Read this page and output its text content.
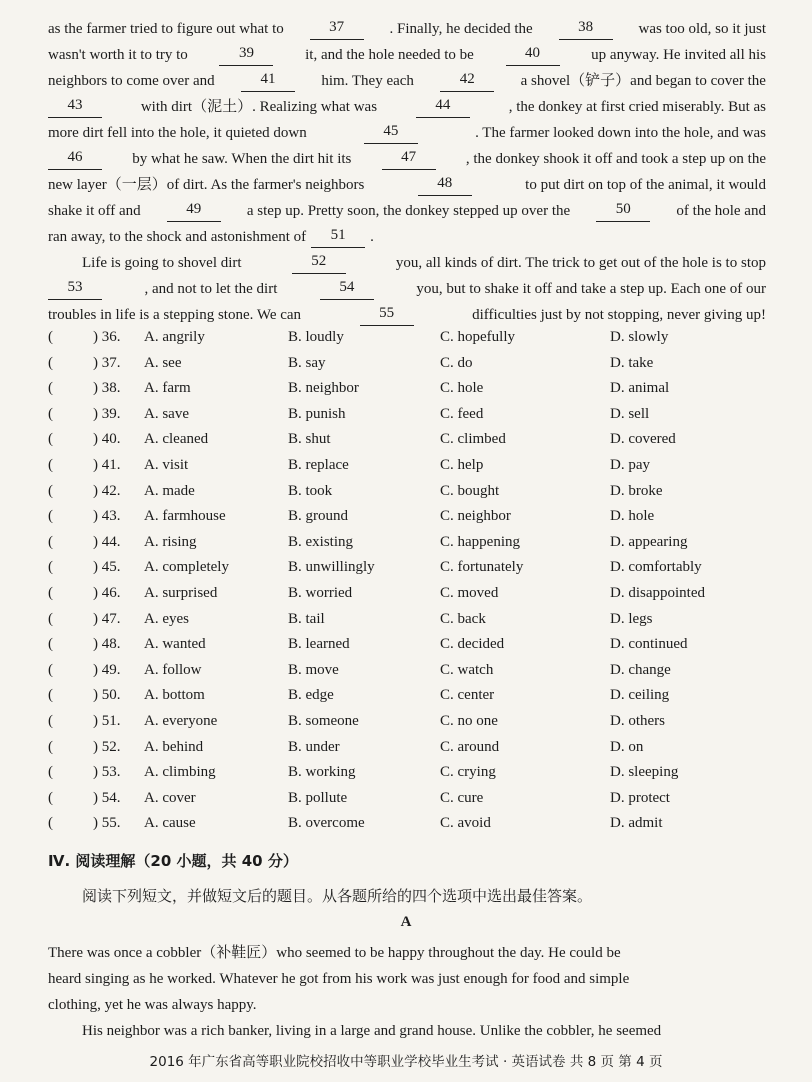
as the farmer tried to figure out what to	37	. Finally, he decided the	38	was too old, so it just
wasn't worth it to try to	39	it, and the hole needed to be	40	up anyway. He invited all his
neighbors to come over and	41	him. They each	42	a shovel（铲子）and began to cover the
43	with dirt（泥土）. Realizing what was	44	, the donkey at first cried miserably. But as
more dirt fell into the hole, it quieted down	45	. The farmer looked down into the hole, and was
46	by what he saw. When the dirt hit its	47	, the donkey shook it off and took a step up on the
new layer（一层）of dirt. As the farmer's neighbors	48	to put dirt on top of the animal, it would
shake it off and	49	a step up. Pretty soon, the donkey stepped up over the	50	of the hole and
ran away, to the shock and astonishment of	51	.
Life is going to shovel dirt	52	you, all kinds of dirt. The trick to get out of the hole is to stop
53	, and not to let the dirt	54	you, but to shake it off and take a step up. Each one of our
troubles in life is a stepping stone. We can	55	difficulties just by not stopping, never giving up!
(	) 36. A. angrily	B. loudly	C. hopefully	D. slowly
(	) 37. A. see	B. say	C. do	D. take
(	) 38. A. farm	B. neighbor	C. hole	D. animal
(	) 39. A. save	B. punish	C. feed	D. sell
(	) 40. A. cleaned	B. shut	C. climbed	D. covered
(	) 41. A. visit	B. replace	C. help	D. pay
(	) 42. A. made	B. took	C. bought	D. broke
(	) 43. A. farmhouse	B. ground	C. neighbor	D. hole
(	) 44. A. rising	B. existing	C. happening	D. appearing
(	) 45. A. completely	B. unwillingly	C. fortunately	D. comfortably
(	) 46. A. surprised	B. worried	C. moved	D. disappointed
(	) 47. A. eyes	B. tail	C. back	D. legs
(	) 48. A. wanted	B. learned	C. decided	D. continued
(	) 49. A. follow	B. move	C. watch	D. change
(	) 50. A. bottom	B. edge	C. center	D. ceiling
(	) 51. A. everyone	B. someone	C. no one	D. others
(	) 52. A. behind	B. under	C. around	D. on
(	) 53. A. climbing	B. working	C. crying	D. sleeping
(	) 54. A. cover	B. pollute	C. cure	D. protect
(	) 55. A. cause	B. overcome	C. avoid	D. admit
Ⅳ. 阅读理解（20 小题，共 40 分）
阅读下列短文，并做短文后的题目。从各题所给的四个选项中选出最佳答案。
A
There was once a cobbler（补鞋匠）who seemed to be happy throughout the day. He could be
heard singing as he worked. Whatever he got from his work was just enough for food and simple
clothing, yet he was always happy.
His neighbor was a rich banker, living in a large and grand house. Unlike the cobbler, he seemed
2016 年广东省高等职业院校招收中等职业学校毕业生考试 · 英语试卷 共 8 页 第 4 页
